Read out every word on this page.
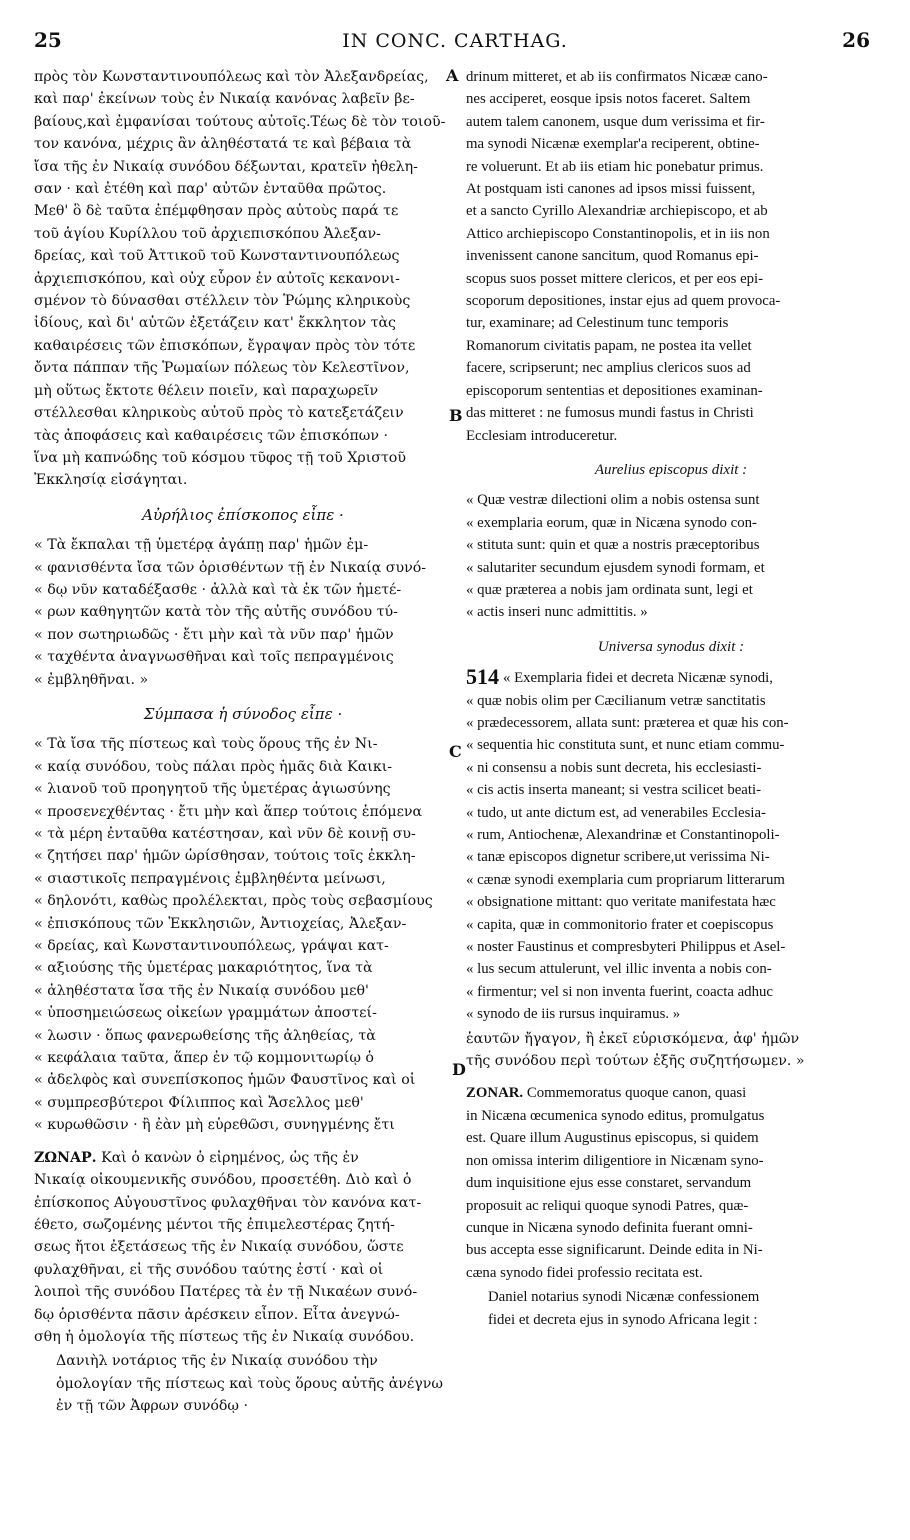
25	IN CONC. CARTHAG.	26
A
B
C
D
πρὸς τὸν Κωνσταντινουπόλεως καὶ τὸν Ἀλεξανδρείας,
καὶ παρ' ἐκείνων τοὺς ἐν Νικαίᾳ κανόνας λαβεῖν βε-
βαίους,καὶ ἐμφανίσαι τούτους αὐτοῖς.Τέως δὲ τὸν τοιοῦ-
τον κανόνα, μέχρις ἂν ἀληθέστατά τε καὶ βέβαια τὰ
ἴσα τῆς ἐν Νικαίᾳ συνόδου δέξωνται, κρατεῖν ἠθελη-
σαν · καὶ ἐτέθη καὶ παρ' αὐτῶν ἐνταῦθα πρῶτος.
Μεθ' ὃ δὲ ταῦτα ἐπέμφθησαν πρὸς αὐτοὺς παρά τε
τοῦ ἁγίου Κυρίλλου τοῦ ἀρχιεπισκόπου Ἀλεξαν-
δρείας, καὶ τοῦ Ἀττικοῦ τοῦ Κωνσταντινουπόλεως
ἀρχιεπισκόπου, καὶ οὐχ εὗρον ἐν αὐτοῖς κεκανονι-
σμένον τὸ δύνασθαι στέλλειν τὸν Ῥώμης κληρικοὺς
ἰδίους, καὶ δι' αὐτῶν ἐξετάζειν κατ' ἔκκλητον τὰς
καθαιρέσεις τῶν ἐπισκόπων, ἔγραψαν πρὸς τὸν τότε
ὄντα πάππαν τῆς Ῥωμαίων πόλεως τὸν Κελεστῖνον,
μὴ οὕτως ἔκτοτε θέλειν ποιεῖν, καὶ παραχωρεῖν
στέλλεσθαι κληρικοὺς αὐτοῦ πρὸς τὸ κατεξετάζειν
τὰς ἀποφάσεις καὶ καθαιρέσεις τῶν ἐπισκόπων ·
ἵνα μὴ καπνώδης τοῦ κόσμου τῦφος τῇ τοῦ Χριστοῦ
Ἐκκλησίᾳ εἰσάγηται.
Αὐρήλιος ἐπίσκοπος εἶπε ·
« Τὰ ἔκπαλαι τῇ ὑμετέρᾳ ἀγάπῃ παρ' ἡμῶν ἐμ-
« φανισθέντα ἴσα τῶν ὁρισθέντων τῇ ἐν Νικαίᾳ συνό-
« δῳ νῦν καταδέξασθε · ἀλλὰ καὶ τὰ ἐκ τῶν ἡμετέ-
« ρων καθηγητῶν κατὰ τὸν τῆς αὐτῆς συνόδου τύ-
« πον σωτηριωδῶς · ἔτι μὴν καὶ τὰ νῦν παρ' ἡμῶν
« ταχθέντα ἀναγνωσθῆναι καὶ τοῖς πεπραγμένοις
« ἐμβληθῆναι. »
Σύμπασα ἡ σύνοδος εἶπε ·
« Τὰ ἴσα τῆς πίστεως καὶ τοὺς ὅρους τῆς ἐν Νι-
« καίᾳ συνόδου, τοὺς πάλαι πρὸς ἡμᾶς διὰ Καικι-
« λιανοῦ τοῦ προηγητοῦ τῆς ὑμετέρας ἁγιωσύνης
« προσενεχθέντας · ἔτι μὴν καὶ ἅπερ τούτοις ἑπόμενα
« τὰ μέρη ἐνταῦθα κατέστησαν, καὶ νῦν δὲ κοινῇ συ-
« ζητήσει παρ' ἡμῶν ὡρίσθησαν, τούτοις τοῖς ἐκκλη-
« σιαστικοῖς πεπραγμένοις ἐμβληθέντα μείνωσι,
« δηλονότι, καθὼς προλέλεκται, πρὸς τοὺς σεβασμίους
« ἐπισκόπους τῶν Ἐκκλησιῶν, Ἀντιοχείας, Ἀλεξαν-
« δρείας, καὶ Κωνσταντινουπόλεως, γράψαι κατ-
« αξιούσης τῆς ὑμετέρας μακαριότητος, ἵνα τὰ
« ἀληθέστατα ἴσα τῆς ἐν Νικαίᾳ συνόδου μεθ'
« ὑποσημειώσεως οἰκείων γραμμάτων ἀποστεί-
« λωσιν · ὅπως φανερωθείσης τῆς ἀληθείας, τὰ
« κεφάλαια ταῦτα, ἅπερ ἐν τῷ κομμονιτωρίῳ ὁ
« ἀδελφὸς καὶ συνεπίσκοπος ἡμῶν Φαυστῖνος καὶ οἱ
« συμπρεσβύτεροι Φίλιππος καὶ Ἄσελλος μεθ'
« κυρωθῶσιν · ἢ ἐὰν μὴ εὑρεθῶσι, συνηγμένης ἔτι
ΖΩΝΑΡ. Καὶ ὁ κανὼν ὁ εἰρημένος, ὡς τῆς ἐν
Νικαίᾳ οἰκουμενικῆς συνόδου, προσετέθη. Διὸ καὶ ὁ
ἐπίσκοπος Αὐγουστῖνος φυλαχθῆναι τὸν κανόνα κατ-
έθετο, σωζομένης μέντοι τῆς ἐπιμελεστέρας ζητή-
σεως ἤτοι ἐξετάσεως τῆς ἐν Νικαίᾳ συνόδου, ὥστε
φυλαχθῆναι, εἰ τῆς συνόδου ταύτης ἐστί · καὶ οἱ
λοιποὶ τῆς συνόδου Πατέρες τὰ ἐν τῇ Νικαέων συνό-
δῳ ὁρισθέντα πᾶσιν ἀρέσκειν εἶπον. Εἶτα ἀνεγνώ-
σθη ἡ ὁμολογία τῆς πίστεως τῆς ἐν Νικαίᾳ συνόδου.
Δανιὴλ νοτάριος τῆς ἐν Νικαίᾳ συνόδου τὴν
ὁμολογίαν τῆς πίστεως καὶ τοὺς ὅρους αὐτῆς ἀνέγνω
ἐν τῇ τῶν Ἀφρων συνόδῳ ·
drinum mitteret, et ab iis confirmatos Nicææ cano-
nes acciperet, eosque ipsis notos faceret. Saltem
autem talem canonem, usque dum verissima et fir-
ma synodi Nicænæ exemplar'a reciperent, obtine-
re voluerunt. Et ab iis etiam hic ponebatur primus.
At postquam isti canones ad ipsos missi fuissent,
et a sancto Cyrillo Alexandriæ archiepiscopo, et ab
Attico archiepiscopo Constantinopolis, et in iis non
invenissent canone sancitum, quod Romanus epi-
scopus suos posset mittere clericos, et per eos epi-
scoporum depositiones, instar ejus ad quem provoca-
tur, examinare; ad Celestinum tunc temporis
Romanorum civitatis papam, ne postea ita vellet
facere, scripserunt; nec amplius clericos suos ad
episcoporum sententias et depositiones examinan-
das mitteret : ne fumosus mundi fastus in Christi
Ecclesiam introduceretur.
Aurelius episcopus dixit :
« Quæ vestræ dilectioni olim a nobis ostensa sunt
« exemplaria eorum, quæ in Nicæna synodo con-
« stituta sunt: quin et quæ a nostris præceptoribus
« salutariter secundum ejusdem synodi formam, et
« quæ præterea a nobis jam ordinata sunt, legi et
« actis inseri nunc admittitis. »
Universa synodus dixit :
514 « Exemplaria fidei et decreta Nicænæ synodi,
« quæ nobis olim per Cæcilianum vetræ sanctitatis
« prædecessorem, allata sunt: præterea et quæ his con-
« sequentia hic constituta sunt, et nunc etiam commu-
« ni consensu a nobis sunt decreta, his ecclesiasti-
« cis actis inserta maneant; si vestra scilicet beati-
« tudo, ut ante dictum est, ad venerabiles Ecclesia-
« rum, Antiochenæ, Alexandrinæ et Constantinopoli-
« tanæ episcopos dignetur scribere,ut verissima Ni-
« cænæ synodi exemplaria cum propriarum litterarum
« obsignatione mittant: quo veritate manifestata hæc
« capita, quæ in commonitorio frater et coepiscopus
« noster Faustinus et compresbyteri Philippus et Asel-
« lus secum attulerunt, vel illic inventa a nobis con-
« firmentur; vel si non inventa fuerint, coacta adhuc
« synodo de iis rursus inquiramus. »
ἑαυτῶν ἤγαγον, ἢ ἐκεῖ εὑρισκόμενα, ἀφ' ἡμῶν
τῆς συνόδου περὶ τούτων ἐξῆς συζητήσωμεν. »
ZONAR. Commemoratus quoque canon, quasi
in Nicæna œcumenica synodo editus, promulgatus
est. Quare illum Augustinus episcopus, si quidem
non omissa interim diligentiore in Nicænam syno-
dum inquisitione ejus esse constaret, servandum
proposuit ac reliqui quoque synodi Patres, quæ-
cunque in Nicæna synodo definita fuerant omni-
bus accepta esse significarunt. Deinde edita in Ni-
cæna synodo fidei professio recitata est.
Daniel notarius synodi Nicænæ confessionem
fidei et decreta ejus in synodo Africana legit :
